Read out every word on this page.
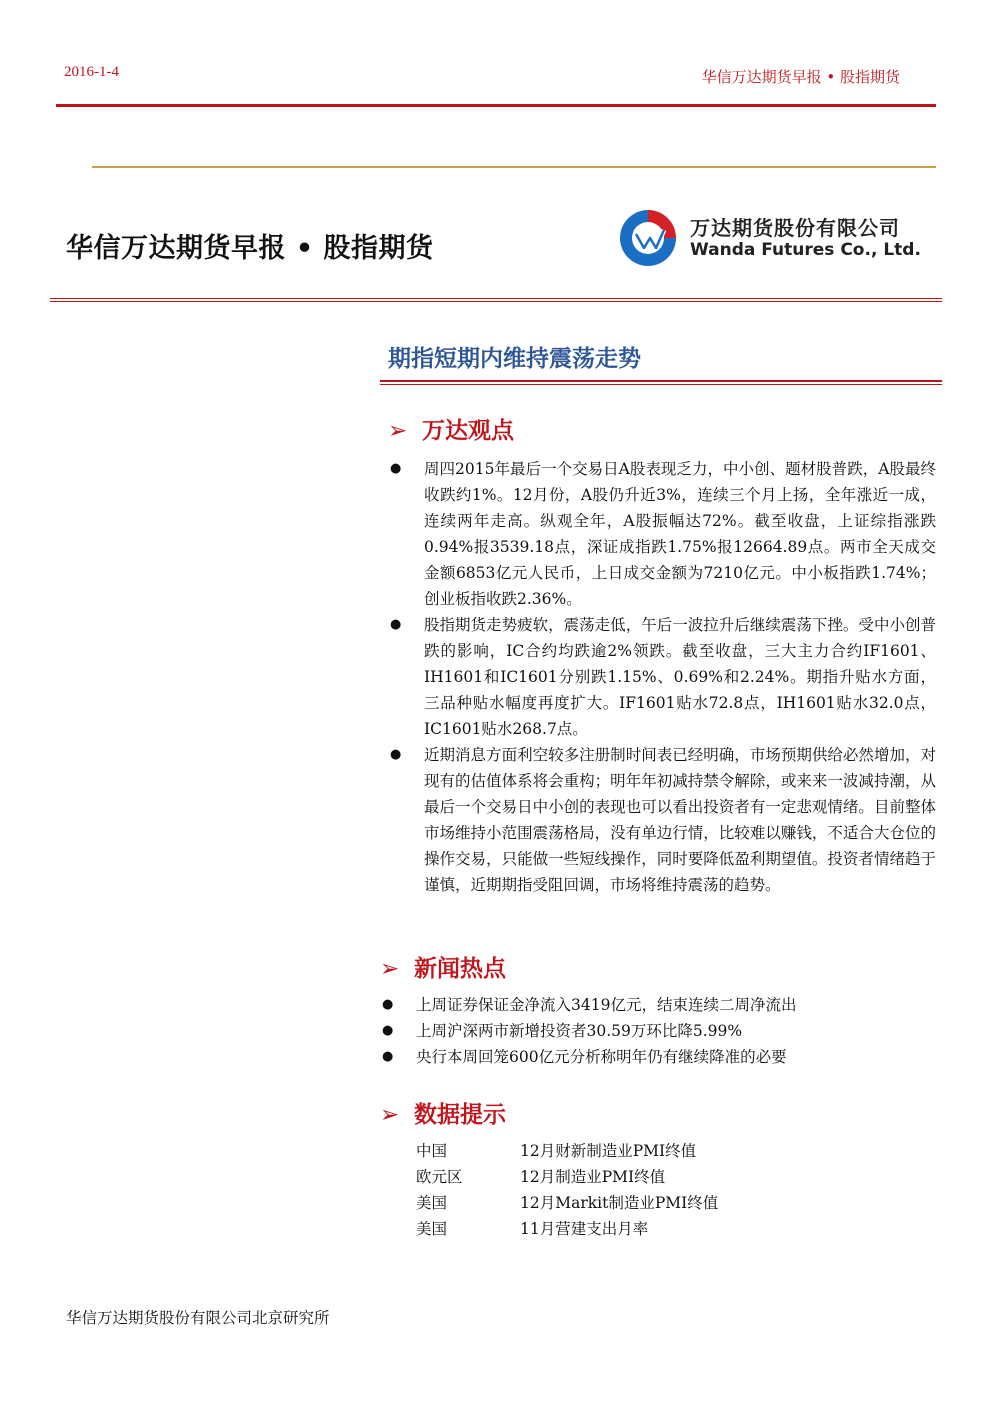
2016-1-4	华信万达期货早报 • 股指期货
华信万达期货早报 • 股指期货
万达期货股份有限公司
Wanda Futures Co., Ltd.
期指短期内维持震荡走势
➢ 万达观点
●	周四2015年最后一个交易日A股表现乏力，中小创、题材股普跌，A股最终收跌约1%。12月份，A股仍升近3%，连续三个月上扬，全年涨近一成，连续两年走高。纵观全年，A股振幅达72%。截至收盘，上证综指涨跌0.94%报3539.18点，深证成指跌1.75%报12664.89点。两市全天成交金额6853亿元人民币，上日成交金额为7210亿元。中小板指跌1.74%；创业板指收跌2.36%。
●	股指期货走势疲软，震荡走低，午后一波拉升后继续震荡下挫。受中小创普跌的影响，IC合约均跌逾2%领跌。截至收盘，三大主力合约IF1601、IH1601和IC1601分别跌1.15%、0.69%和2.24%。期指升贴水方面，三品种贴水幅度再度扩大。IF1601贴水72.8点，IH1601贴水32.0点，IC1601贴水268.7点。
●	近期消息方面利空较多注册制时间表已经明确，市场预期供给必然增加，对现有的估值体系将会重构；明年年初减持禁令解除，或来来一波减持潮，从最后一个交易日中小创的表现也可以看出投资者有一定悲观情绪。目前整体市场维持小范围震荡格局，没有单边行情，比较难以赚钱，不适合大仓位的操作交易，只能做一些短线操作，同时要降低盈利期望值。投资者情绪趋于谨慎，近期期指受阻回调，市场将维持震荡的趋势。
➢ 新闻热点
●	上周证券保证金净流入3419亿元，结束连续二周净流出
●	上周沪深两市新增投资者30.59万环比降5.99%
●	央行本周回笼600亿元分析称明年仍有继续降准的必要
➢ 数据提示
中国	12月财新制造业PMI终值
欧元区	12月制造业PMI终值
美国	12月Markit制造业PMI终值
美国	11月营建支出月率
华信万达期货股份有限公司北京研究所
